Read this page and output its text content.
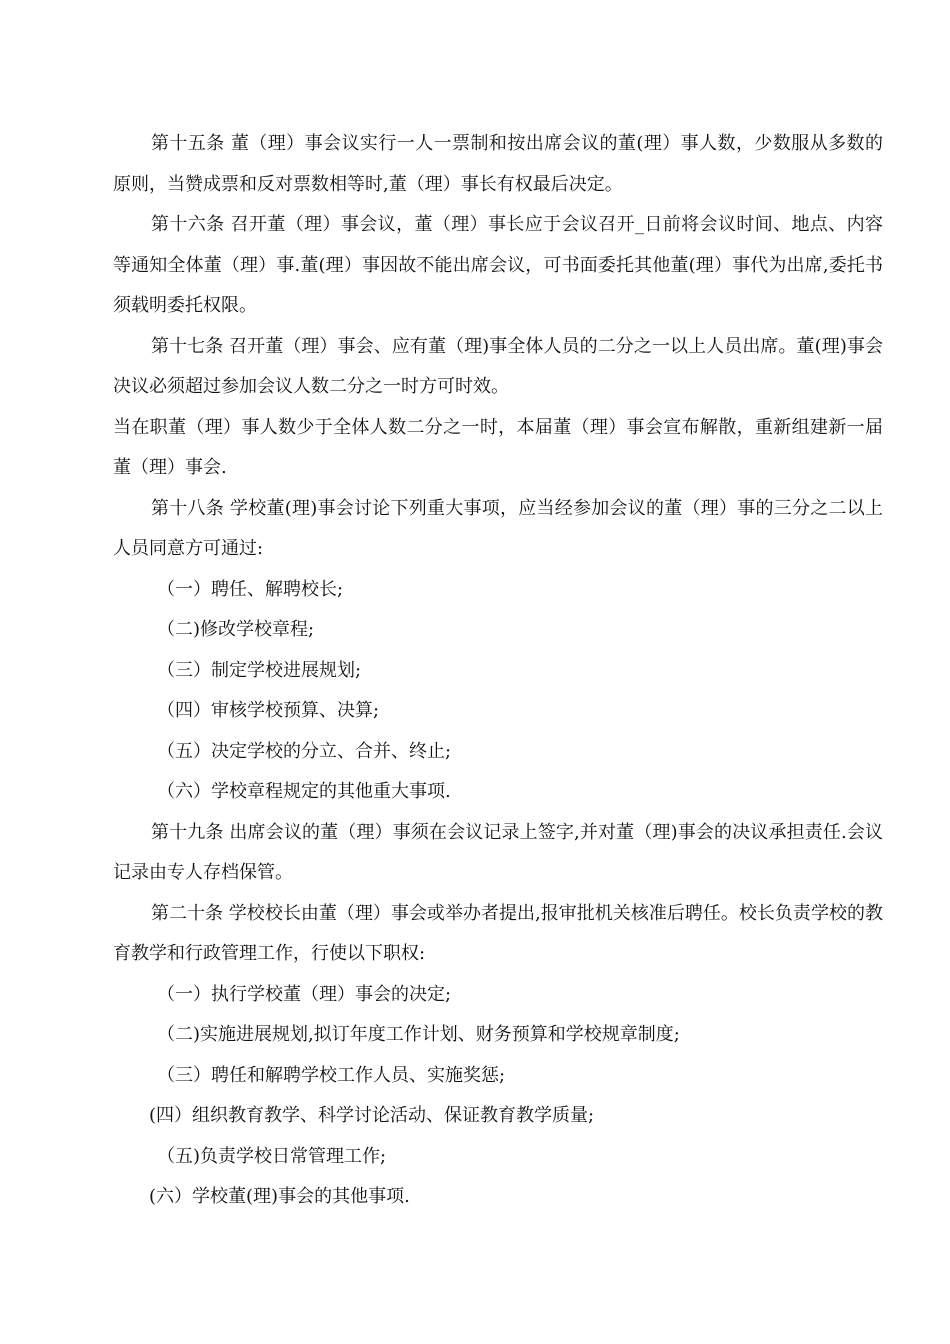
第十五条 董（理）事会议实行一人一票制和按出席会议的董(理）事人数，少数服从多数的原则，当赞成票和反对票数相等时,董（理）事长有权最后决定。

第十六条 召开董（理）事会议，董（理）事长应于会议召开_日前将会议时间、地点、内容等通知全体董（理）事.董(理）事因故不能出席会议，可书面委托其他董(理）事代为出席,委托书须载明委托权限。

第十七条 召开董（理）事会、应有董（理)事全体人员的二分之一以上人员出席。董(理)事会决议必须超过参加会议人数二分之一时方可时效。

当在职董（理）事人数少于全体人数二分之一时，本届董（理）事会宣布解散，重新组建新一届董（理）事会.

第十八条 学校董(理)事会讨论下列重大事项，应当经参加会议的董（理）事的三分之二以上人员同意方可通过:

（一）聘任、解聘校长;

（二)修改学校章程;

（三）制定学校进展规划;

（四）审核学校预算、决算;

（五）决定学校的分立、合并、终止;

（六）学校章程规定的其他重大事项.

第十九条 出席会议的董（理）事须在会议记录上签字,并对董（理)事会的决议承担责任.会议记录由专人存档保管。

第二十条 学校校长由董（理）事会或举办者提出,报审批机关核准后聘任。校长负责学校的教育教学和行政管理工作，行使以下职权:

（一）执行学校董（理）事会的决定;

（二)实施进展规划,拟订年度工作计划、财务预算和学校规章制度;

（三）聘任和解聘学校工作人员、实施奖惩;

(四）组织教育教学、科学讨论活动、保证教育教学质量;

（五)负责学校日常管理工作;

(六）学校董(理)事会的其他事项.
